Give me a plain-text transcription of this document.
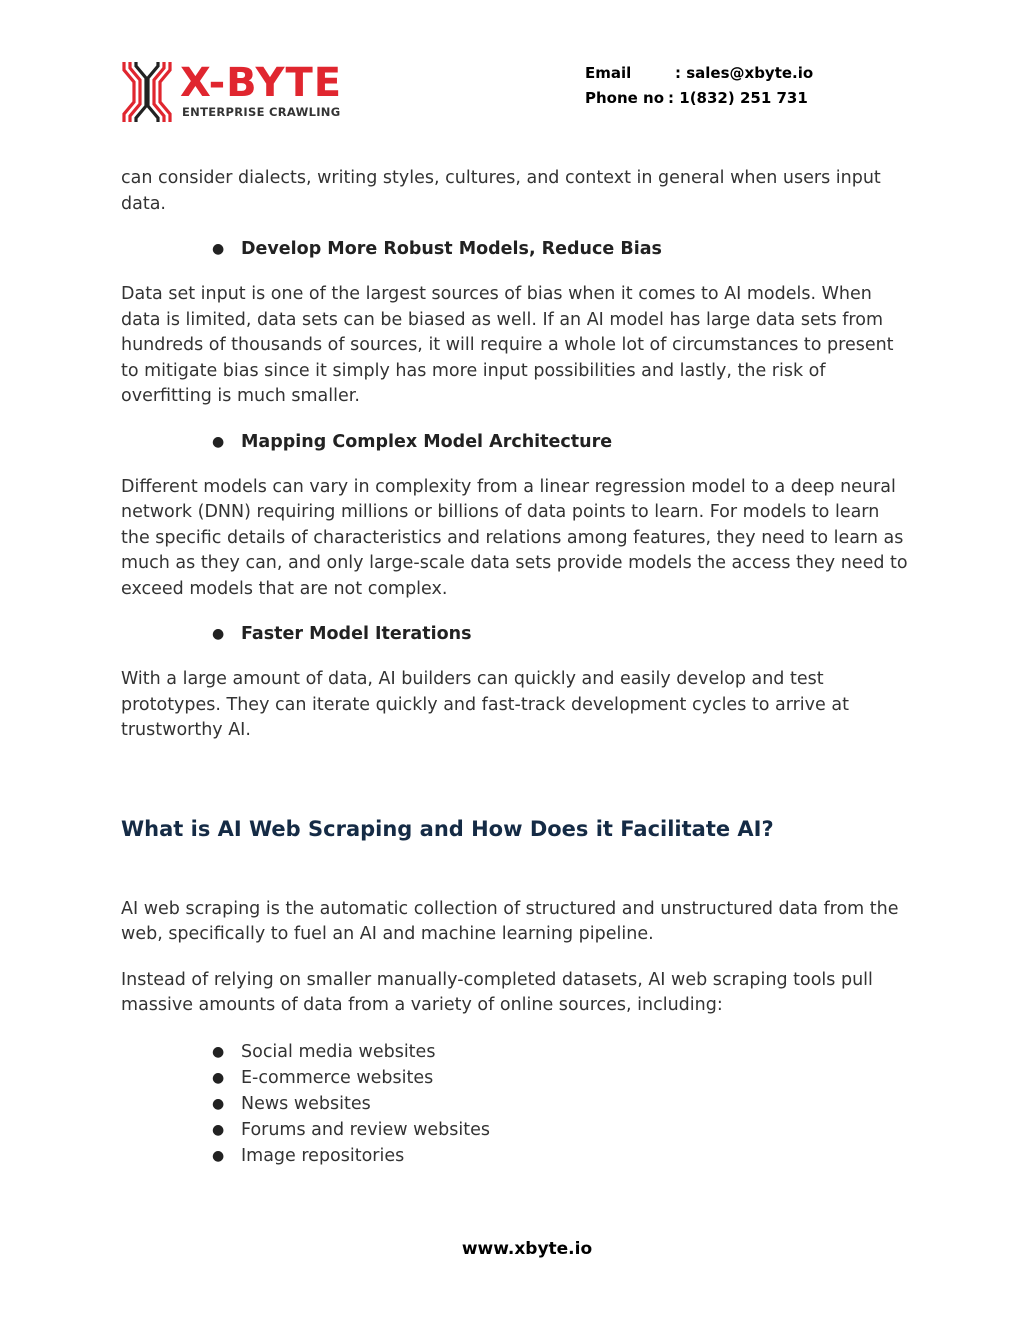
X-BYTE
ENTERPRISE CRAWLING
Email	: sales@xbyte.io
Phone no : 1(832) 251 731

can consider dialects, writing styles, cultures, and context in general when users input data.

● Develop More Robust Models, Reduce Bias

Data set input is one of the largest sources of bias when it comes to AI models. When data is limited, data sets can be biased as well. If an AI model has large data sets from hundreds of thousands of sources, it will require a whole lot of circumstances to present to mitigate bias since it simply has more input possibilities and lastly, the risk of overfitting is much smaller.

● Mapping Complex Model Architecture

Different models can vary in complexity from a linear regression model to a deep neural network (DNN) requiring millions or billions of data points to learn. For models to learn the specific details of characteristics and relations among features, they need to learn as much as they can, and only large-scale data sets provide models the access they need to exceed models that are not complex.

● Faster Model Iterations

With a large amount of data, AI builders can quickly and easily develop and test prototypes. They can iterate quickly and fast-track development cycles to arrive at trustworthy AI.

What is AI Web Scraping and How Does it Facilitate AI?

AI web scraping is the automatic collection of structured and unstructured data from the web, specifically to fuel an AI and machine learning pipeline.

Instead of relying on smaller manually-completed datasets, AI web scraping tools pull massive amounts of data from a variety of online sources, including:

● Social media websites
● E-commerce websites
● News websites
● Forums and review websites
● Image repositories
www.xbyte.io
